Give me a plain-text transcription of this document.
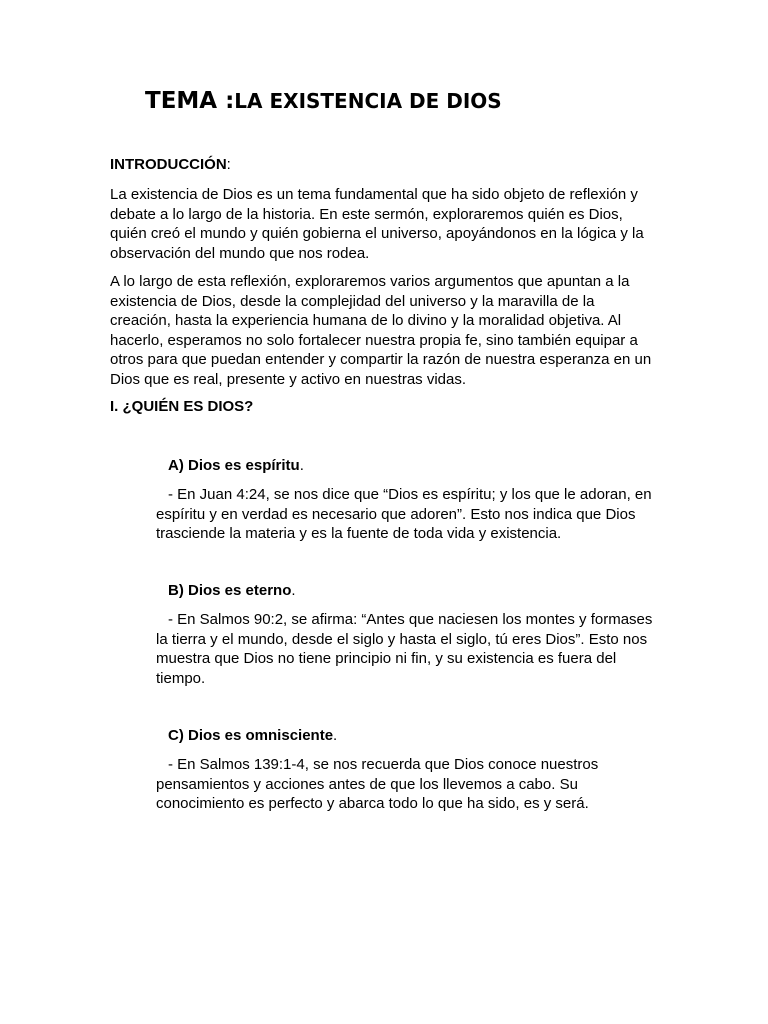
TEMA :LA EXISTENCIA DE DIOS
INTRODUCCIÓN:

La existencia de Dios es un tema fundamental que ha sido objeto de reflexión y debate a lo largo de la historia. En este sermón, exploraremos quién es Dios, quién creó el mundo y quién gobierna el universo, apoyándonos en la lógica y la observación del mundo que nos rodea.

A lo largo de esta reflexión, exploraremos varios argumentos que apuntan a la existencia de Dios, desde la complejidad del universo y la maravilla de la creación, hasta la experiencia humana de lo divino y la moralidad objetiva. Al hacerlo, esperamos no solo fortalecer nuestra propia fe, sino también equipar a otros para que puedan entender y compartir la razón de nuestra esperanza en un Dios que es real, presente y activo en nuestras vidas.

I. ¿QUIÉN ES DIOS?
A) Dios es espíritu.

- En Juan 4:24, se nos dice que “Dios es espíritu; y los que le adoran, en espíritu y en verdad es necesario que adoren”. Esto nos indica que Dios trasciende la materia y es la fuente de toda vida y existencia.

B) Dios es eterno.

- En Salmos 90:2, se afirma: “Antes que naciesen los montes y formases la tierra y el mundo, desde el siglo y hasta el siglo, tú eres Dios”. Esto nos muestra que Dios no tiene principio ni fin, y su existencia es fuera del tiempo.

C) Dios es omnisciente.

- En Salmos 139:1-4, se nos recuerda que Dios conoce nuestros pensamientos y acciones antes de que los llevemos a cabo. Su conocimiento es perfecto y abarca todo lo que ha sido, es y será.
